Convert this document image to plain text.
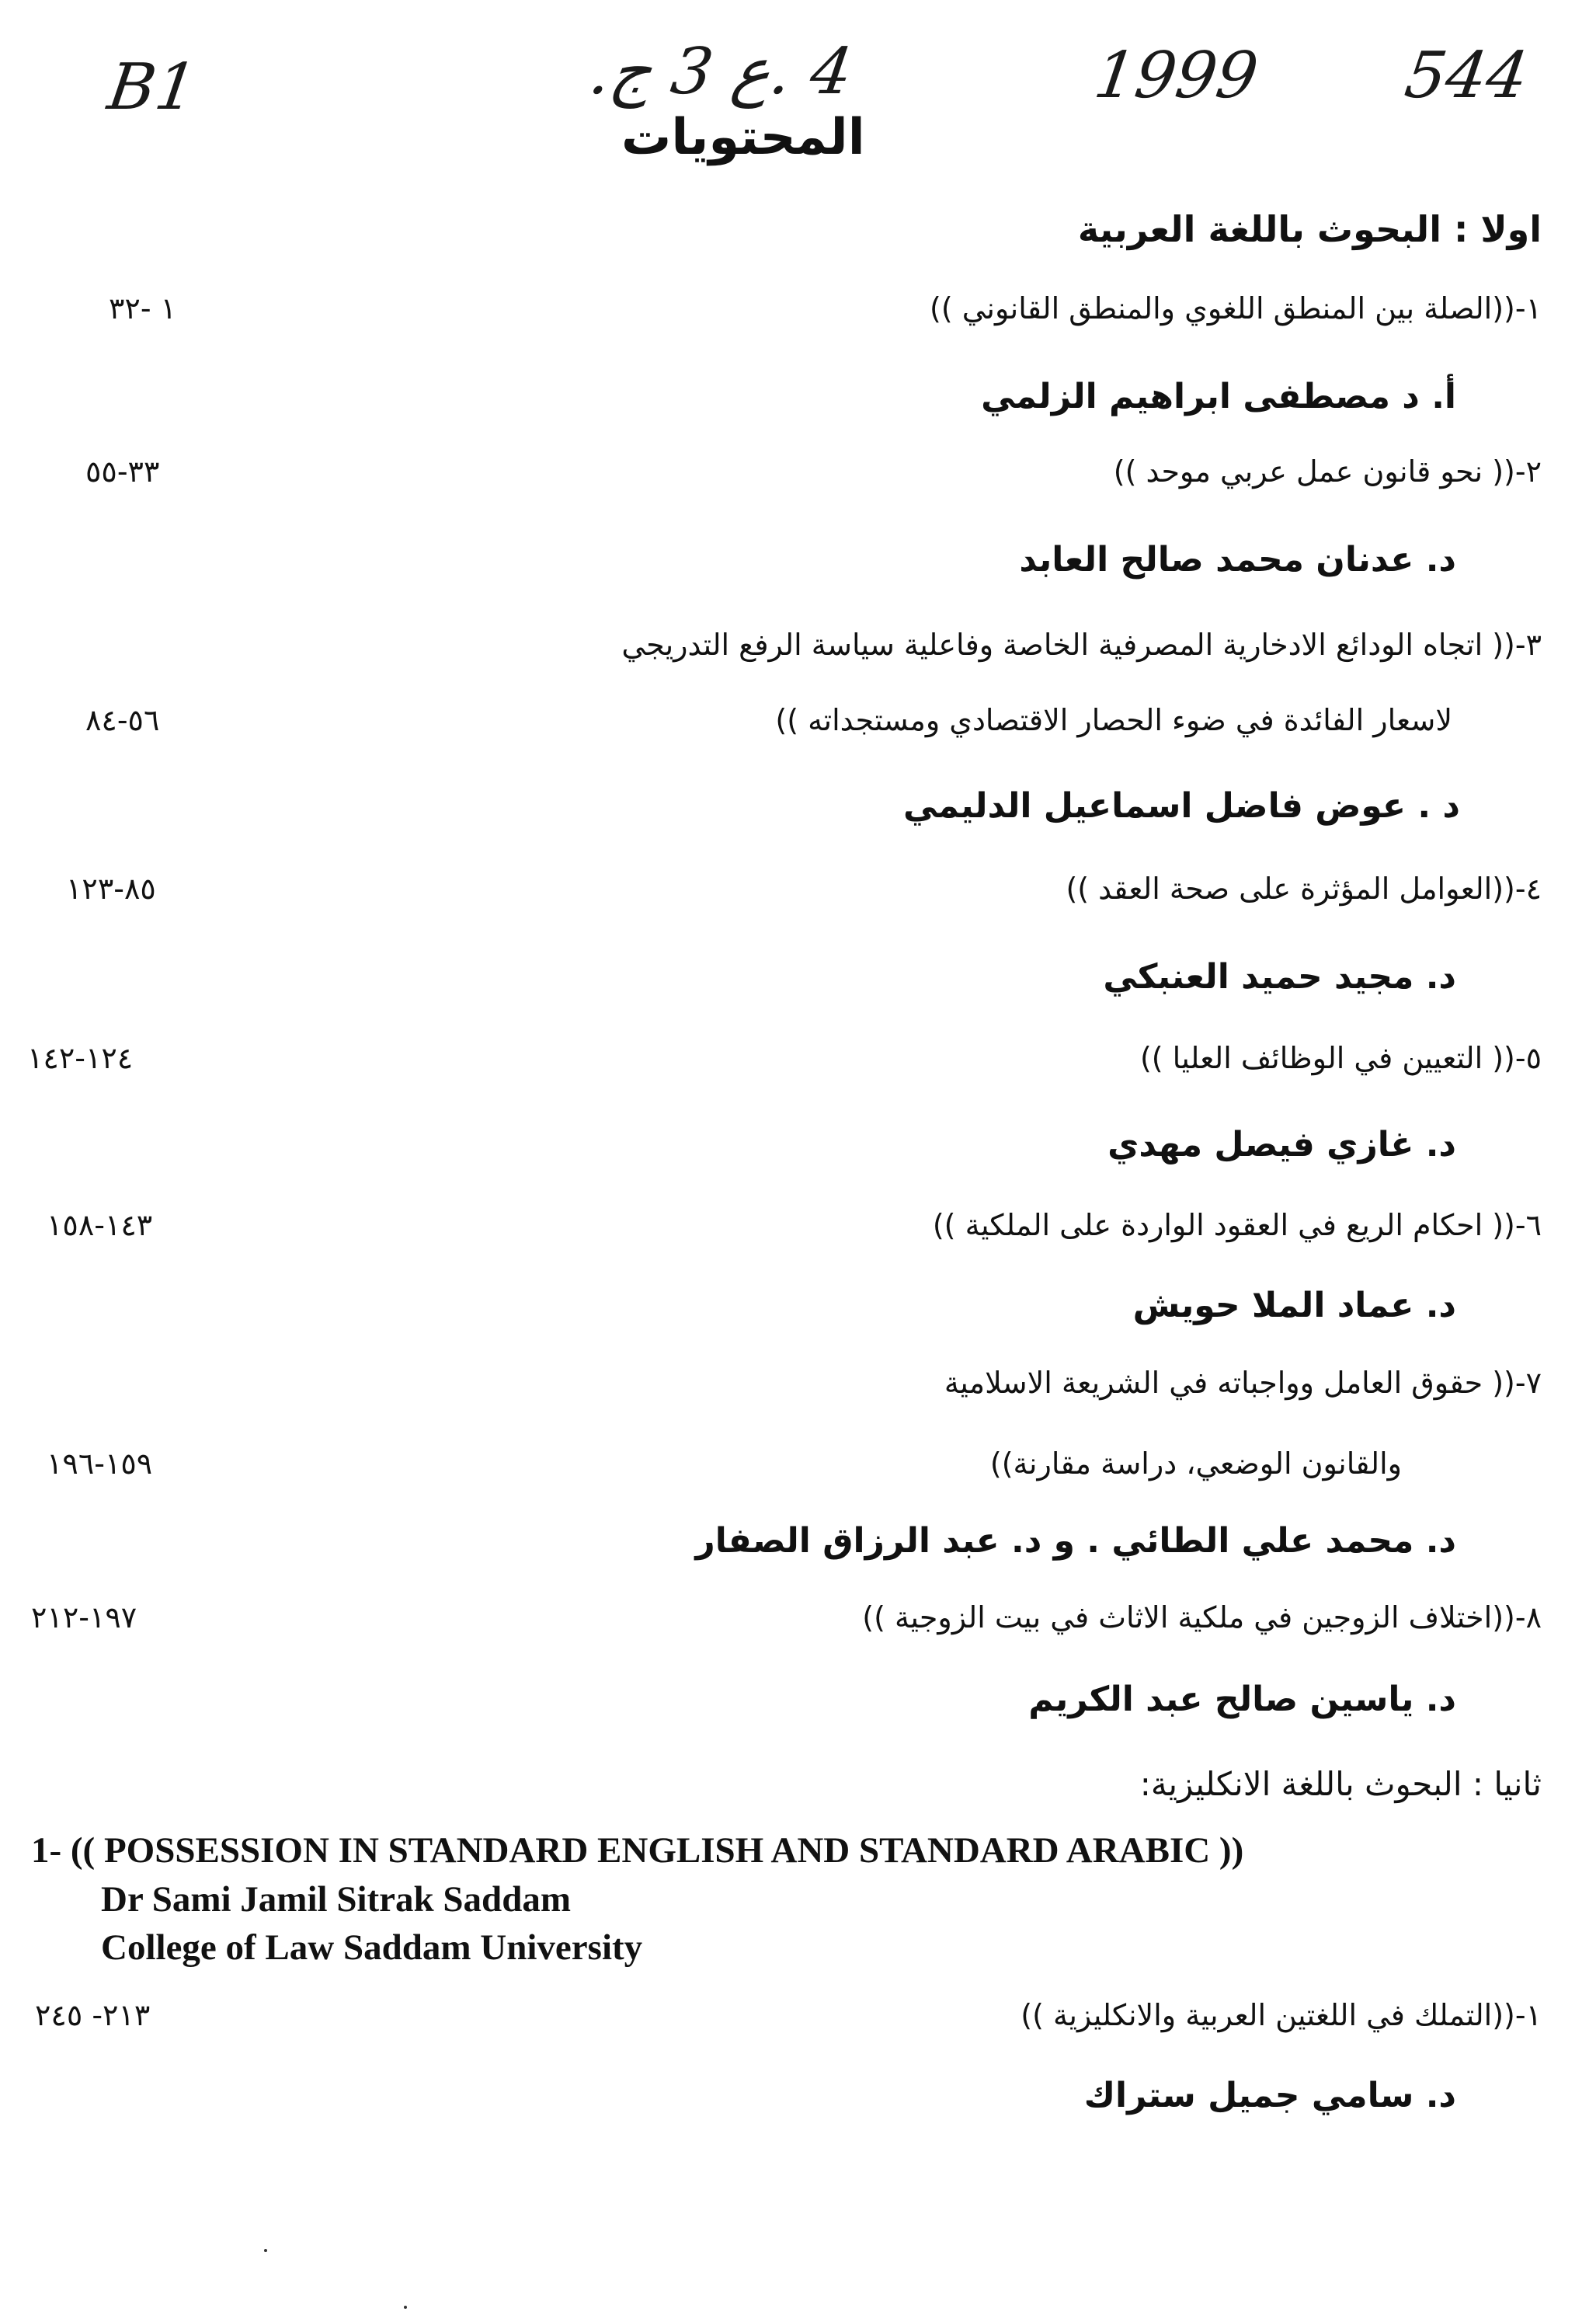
B1	4 .ع 3 ج.	1999 544
المحتويات
اولا : البحوث باللغة العربية
١-((الصلة بين المنطق اللغوي والمنطق القانوني ))
١ -٣٢
أ. د مصطفى ابراهيم الزلمي
٢-(( نحو قانون عمل عربي موحد ))
٣٣-٥٥
د. عدنان محمد صالح العابد
٣-(( اتجاه الودائع الادخارية المصرفية الخاصة وفاعلية سياسة الرفع التدريجي
لاسعار الفائدة في ضوء الحصار الاقتصادي ومستجداته ))
٥٦-٨٤
د . عوض فاضل اسماعيل الدليمي
٤-((العوامل المؤثرة على صحة العقد ))
٨٥-١٢٣
د. مجيد حميد العنبكي
٥-(( التعيين في الوظائف العليا ))
١٢٤-١٤٢
د. غازي فيصل مهدي
٦-(( احكام الريع في العقود الواردة على الملكية ))
١٤٣-١٥٨
د. عماد الملا حويش
٧-(( حقوق العامل وواجباته في الشريعة الاسلامية
والقانون الوضعي، دراسة مقارنة))
١٥٩-١٩٦
د. محمد علي الطائي . و د. عبد الرزاق الصفار
٨-((اختلاف الزوجين في ملكية الاثاث في بيت الزوجية ))
١٩٧-٢١٢
د. ياسين صالح عبد الكريم
ثانيا : البحوث باللغة الانكليزية:
1- (( POSSESSION IN STANDARD ENGLISH AND STANDARD ARABIC ))
Dr Sami Jamil Sitrak Saddam
College of Law Saddam University
١-((التملك في اللغتين العربية والانكليزية ))
٢١٣- ٢٤٥
د. سامي جميل ستراك
